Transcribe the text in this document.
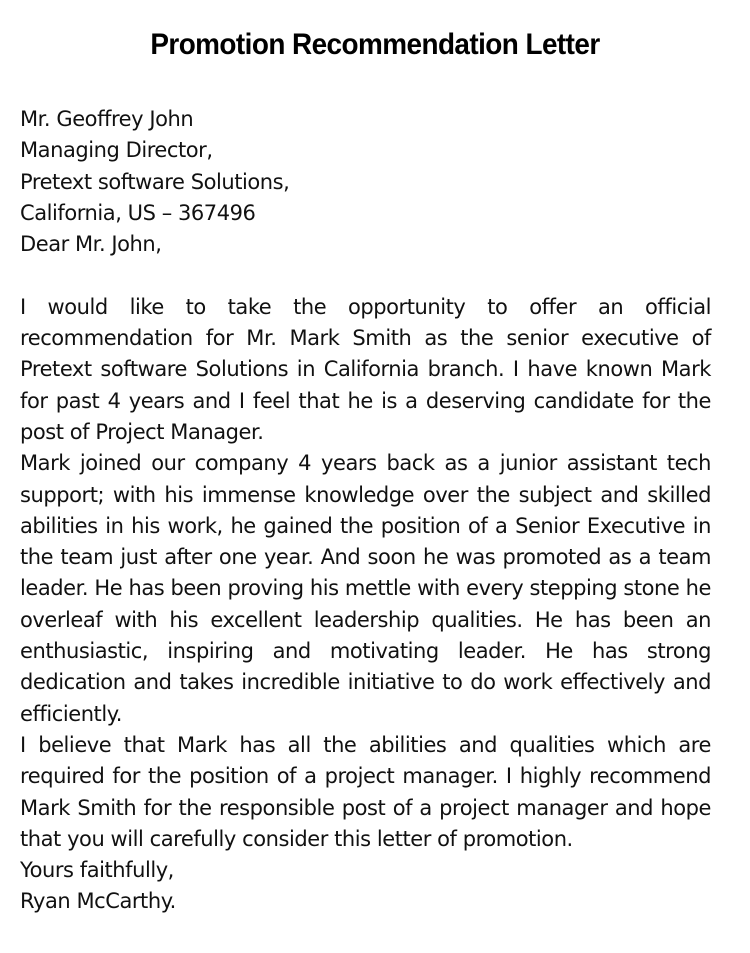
Promotion Recommendation Letter
Mr. Geoffrey John
Managing Director,
Pretext software Solutions,
California, US – 367496
Dear Mr. John,

I would like to take the opportunity to offer an official recommendation for Mr. Mark Smith as the senior executive of Pretext software Solutions in California branch. I have known Mark for past 4 years and I feel that he is a deserving candidate for the post of Project Manager.

Mark joined our company 4 years back as a junior assistant tech support; with his immense knowledge over the subject and skilled abilities in his work, he gained the position of a Senior Executive in the team just after one year. And soon he was promoted as a team leader. He has been proving his mettle with every stepping stone he overleaf with his excellent leadership qualities. He has been an enthusiastic, inspiring and motivating leader. He has strong dedication and takes incredible initiative to do work effectively and efficiently.

I believe that Mark has all the abilities and qualities which are required for the position of a project manager. I highly recommend Mark Smith for the responsible post of a project manager and hope that you will carefully consider this letter of promotion.

Yours faithfully,
Ryan McCarthy.
